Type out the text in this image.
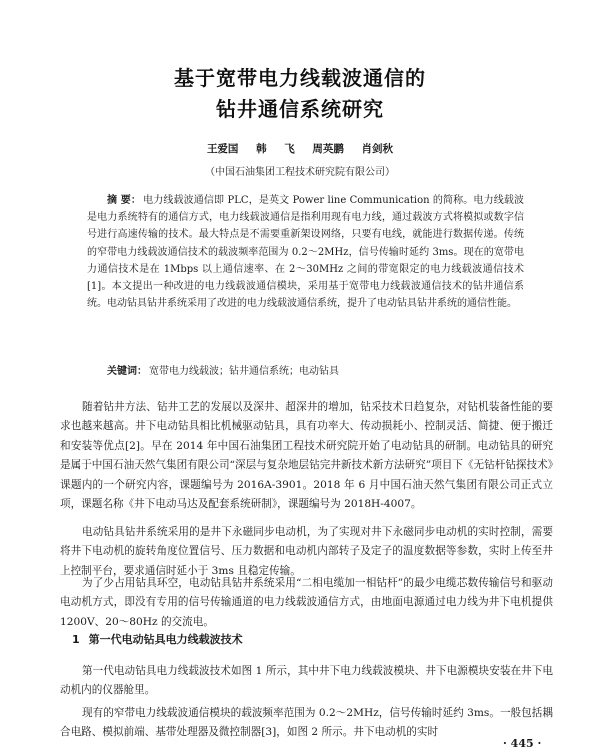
基于宽带电力线载波通信的
钻井通信系统研究
王爱国 韩 飞 周英鹏 肖剑秋
（中国石油集团工程技术研究院有限公司）

摘 要： 电力线载波通信即 PLC，是英文 Power line Communication 的简称。电力线载波是电力系统特有的通信方式，电力线载波通信是指利用现有电力线，通过载波方式将模拟或数字信号进行高速传输的技术。最大特点是不需要重新架设网络，只要有电线，就能进行数据传递。传统的窄带电力线载波通信技术的载波频率范围为 0.2～2MHz，信号传输时延约 3ms。现在的宽带电力通信技术是在 1Mbps 以上通信速率、在 2～30MHz 之间的带宽限定的电力线载波通信技术[1]。本文提出一种改进的电力线载波通信模块，采用基于宽带电力线载波通信技术的钻井通信系统。电动钻具钻井系统采用了改进的电力线载波通信系统，提升了电动钻具钻井系统的通信性能。

关键词： 宽带电力线载波；钻井通信系统；电动钻具

随着钻井方法、钻井工艺的发展以及深井、超深井的增加，钻采技术日趋复杂，对钻机装备性能的要求也越来越高。井下电动钻具相比机械驱动钻具，具有功率大、传动损耗小、控制灵活、简捷、便于搬迁和安装等优点[2]。早在 2014 年中国石油集团工程技术研究院开始了电动钻具的研制。电动钻具的研究是属于中国石油天然气集团有限公司“深层与复杂地层钻完井新技术新方法研究”项目下《无钻杆钻探技术》课题内的一个研究内容，课题编号为 2016A-3901。2018 年 6 月中国石油天然气集团有限公司正式立项，课题名称《井下电动马达及配套系统研制》，课题编号为 2018H-4007。

电动钻具钻井系统采用的是井下永磁同步电动机，为了实现对井下永磁同步电动机的实时控制，需要将井下电动机的旋转角度位置信号、压力数据和电动机内部转子及定子的温度数据等参数，实时上传至井上控制平台，要求通信时延小于 3ms 且稳定传输。

为了少占用钻具环空，电动钻具钻井系统采用“二相电缆加一相钻杆”的最少电缆芯数传输信号和驱动电动机方式，即没有专用的信号传输通道的电力线载波通信方式，由地面电源通过电力线为井下电机提供 1200V、20～80Hz 的交流电。

1 第一代电动钻具电力线载波技术

第一代电动钻具电力线载波技术如图 1 所示，其中井下电力线载波模块、井下电源模块安装在井下电动机内的仪器舱里。

现有的窄带电力线载波通信模块的载波频率范围为 0.2～2MHz，信号传输时延约 3ms。一般包括耦合电路、模拟前端、基带处理器及微控制器[3]，如图 2 所示。井下电动机的实时

· 445 ·
